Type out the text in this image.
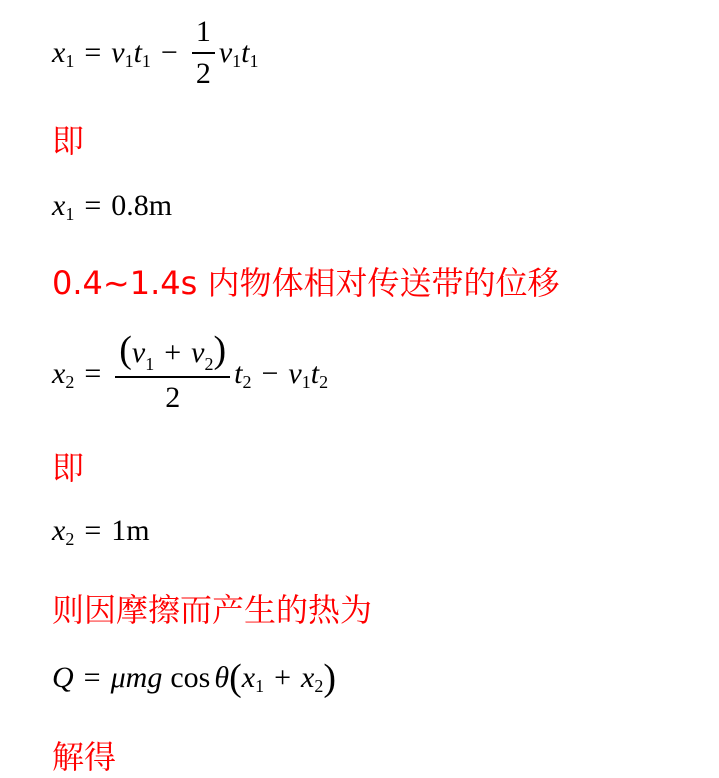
x 1 = v 1 t $1 - \frac{1}{2}$ v 1 t 1
即
x 1 = 0.8m
0.4~1.4s 内物体相对传送带的位移
x $2 = \frac{(v_1 + v_2)}{2}$ t 2 − v 1 t 2
即
x 2 = 1m
则因摩擦而产生的热为
Q = μmg cos θ ( x 1 + x 2 )
解得
